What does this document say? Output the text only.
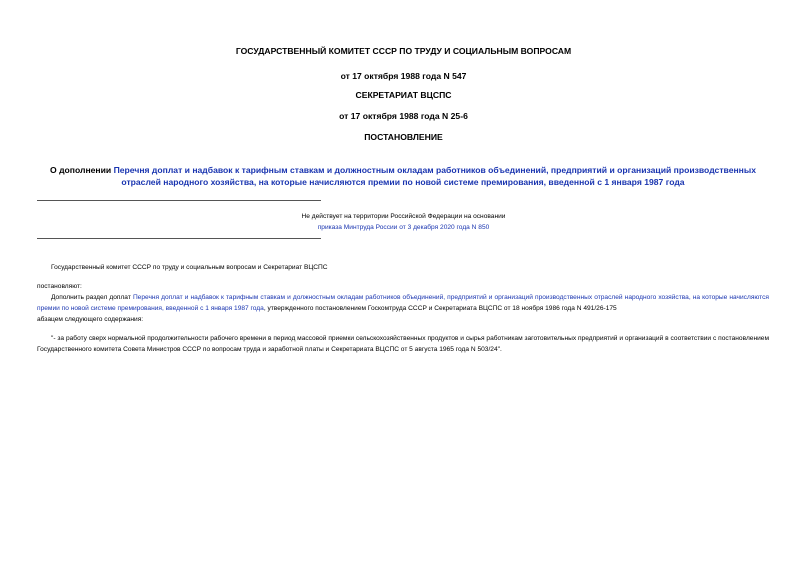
ГОСУДАРСТВЕННЫЙ КОМИТЕТ СССР ПО ТРУДУ И СОЦИАЛЬНЫМ ВОПРОСАМ
от 17 октября 1988 года N 547
СЕКРЕТАРИАТ ВЦСПС
от 17 октября 1988 года N 25-6
ПОСТАНОВЛЕНИЕ
О дополнении Перечня доплат и надбавок к тарифным ставкам и должностным окладам работников объединений, предприятий и организаций производственных отраслей народного хозяйства, на которые начисляются премии по новой системе премирования, введенной с 1 января 1987 года
Не действует на территории Российской Федерации на основании
приказа Минтруда России от 3 декабря 2020 года N 850
Государственный комитет СССР по труду и социальным вопросам и Секретариат ВЦСПС
постановляют:
Дополнить раздел доплат Перечня доплат и надбавок к тарифным ставкам и должностным окладам работников объединений, предприятий и организаций производственных отраслей народного хозяйства, на которые начисляются премии по новой системе премирования, введенной с 1 января 1987 года, утвержденного постановлением Госкомтруда СССР и Секретариата ВЦСПС от 18 ноября 1986 года N 491/26-175
абзацем следующего содержания:
"- за работу сверх нормальной продолжительности рабочего времени в период массовой приемки сельскохозяйственных продуктов и сырья работникам заготовительных предприятий и организаций в соответствии с постановлением Государственного комитета Совета Министров СССР по вопросам труда и заработной платы и Секретариата ВЦСПС от 5 августа 1965 года N 503/24".
